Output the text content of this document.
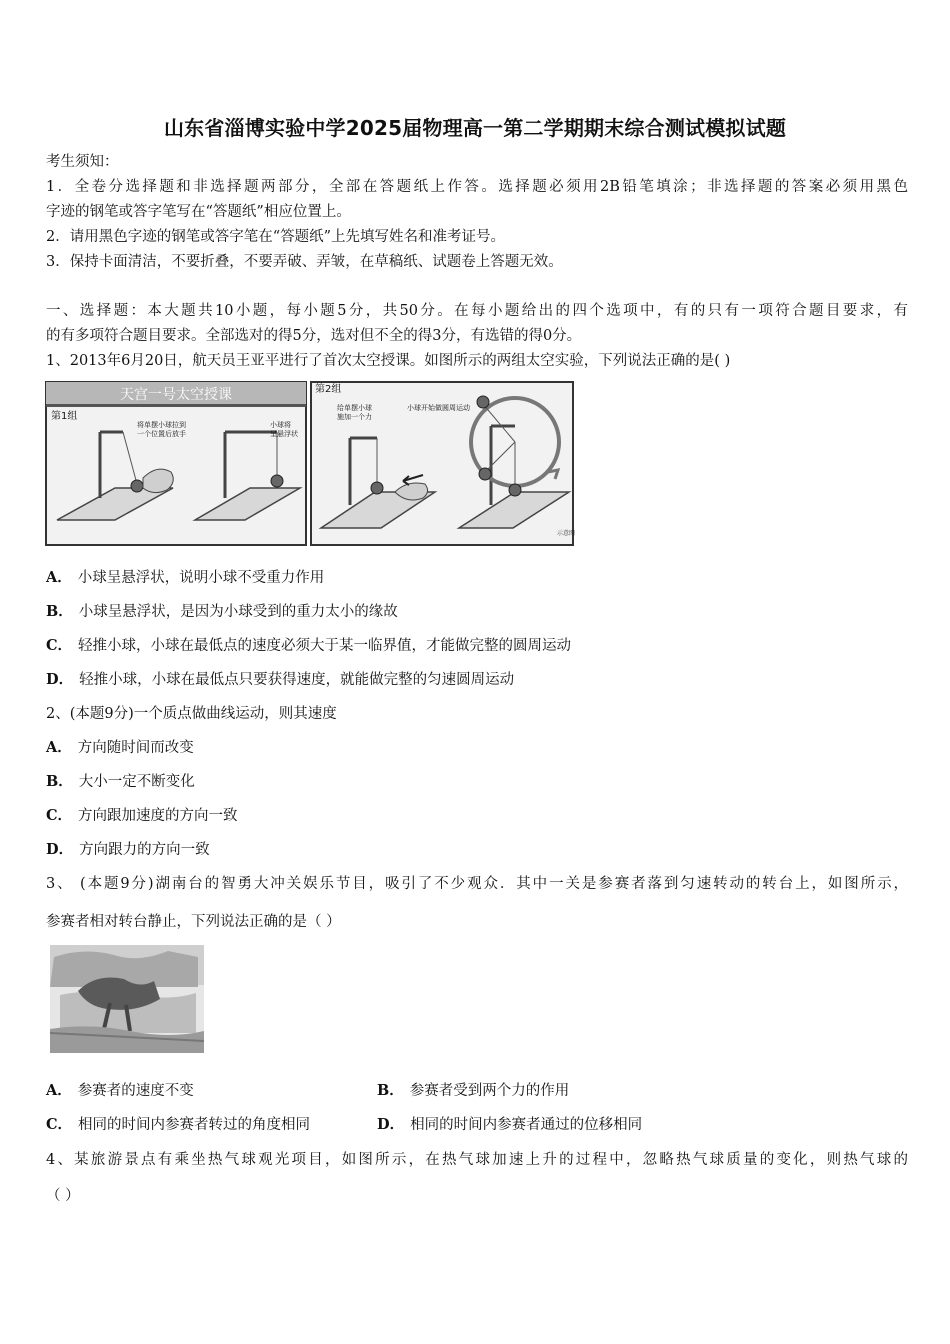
山东省淄博实验中学2025届物理高一第二学期期末综合测试模拟试题
考生须知：
1．全卷分选择题和非选择题两部分，全部在答题纸上作答。选择题必须用2B铅笔填涂；非选择题的答案必须用黑色
字迹的钢笔或答字笔写在“答题纸”相应位置上。
2．请用黑色字迹的钢笔或答字笔在“答题纸”上先填写姓名和准考证号。
3．保持卡面清洁，不要折叠，不要弄破、弄皱，在草稿纸、试题卷上答题无效。
一、选择题：本大题共10小题，每小题5分，共50分。在每小题给出的四个选项中，有的只有一项符合题目要求，有
的有多项符合题目要求。全部选对的得5分，选对但不全的得3分，有选错的得0分。
1、2013年6月20日，航天员王亚平进行了首次太空授课。如图所示的两组太空实验，下列说法正确的是( )
天宫一号太空授课
第1组
将单摆小球拉到
一个位置后放手
小球将
呈悬浮状
第2组
给单摆小球
施加一个力
小球开始做圆周运动
示意图
A． 小球呈悬浮状，说明小球不受重力作用
B． 小球呈悬浮状，是因为小球受到的重力太小的缘故
C． 轻推小球，小球在最低点的速度必须大于某一临界值，才能做完整的圆周运动
D． 轻推小球，小球在最低点只要获得速度，就能做完整的匀速圆周运动
2、(本题9分)一个质点做曲线运动，则其速度
A． 方向随时间而改变
B． 大小一定不断变化
C． 方向跟加速度的方向一致
D． 方向跟力的方向一致
3、 (本题9分)湖南台的智勇大冲关娱乐节目，吸引了不少观众．其中一关是参赛者落到匀速转动的转台上，如图所示，
参赛者相对转台静止，下列说法正确的是（ ）
A． 参赛者的速度不变	B． 参赛者受到两个力的作用
C． 相同的时间内参赛者转过的角度相同	D． 相同的时间内参赛者通过的位移相同
4、某旅游景点有乘坐热气球观光项目，如图所示，在热气球加速上升的过程中，忽略热气球质量的变化，则热气球的
（ ）
